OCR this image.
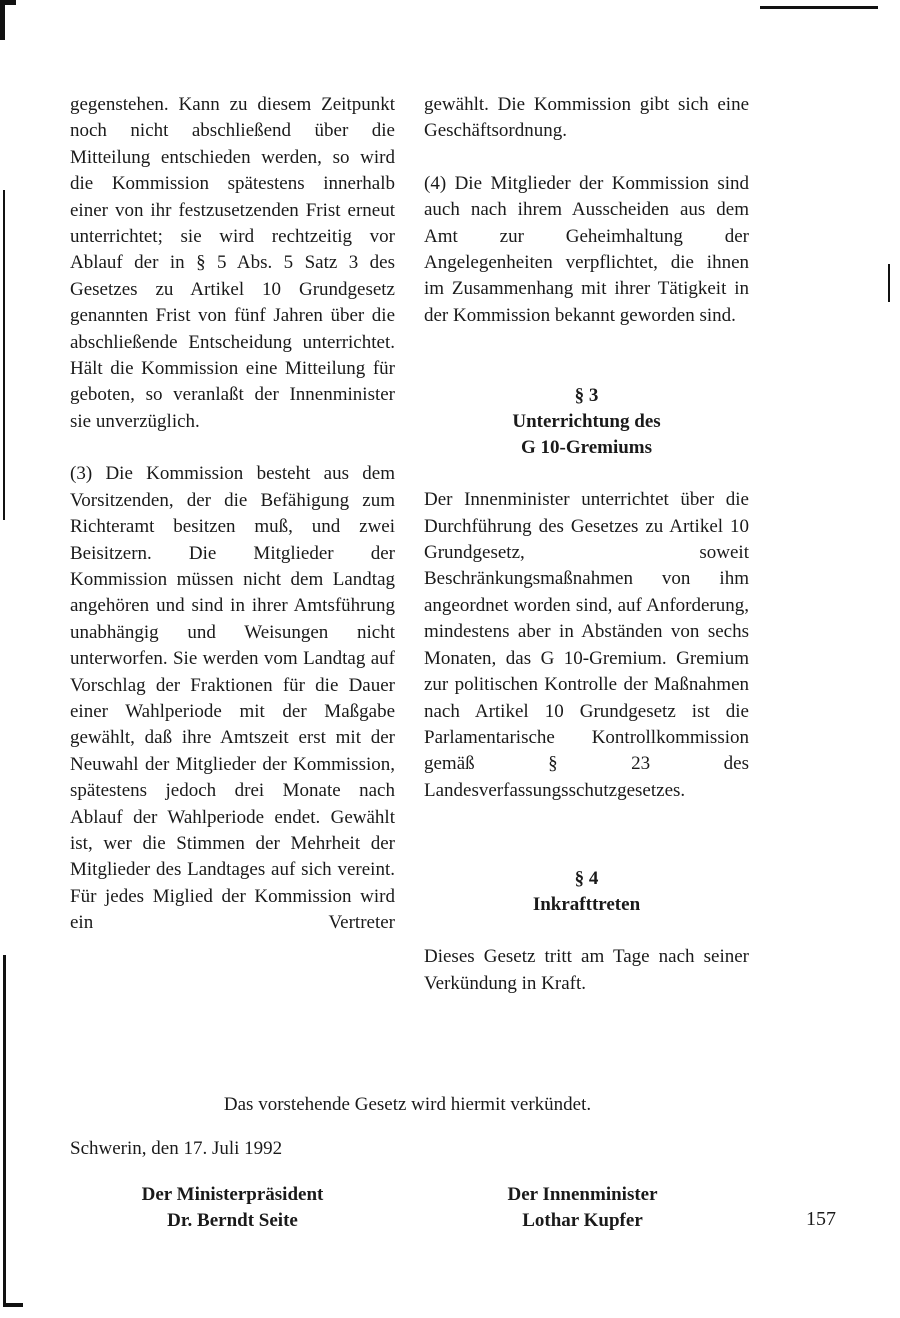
gegenstehen. Kann zu diesem Zeitpunkt noch nicht abschließend über die Mitteilung entschieden werden, so wird die Kommission spätestens innerhalb einer von ihr festzusetzenden Frist erneut unterrichtet; sie wird rechtzeitig vor Ablauf der in § 5 Abs. 5 Satz 3 des Gesetzes zu Artikel 10 Grundgesetz genannten Frist von fünf Jahren über die abschließende Entscheidung unterrichtet. Hält die Kommission eine Mitteilung für geboten, so veranlaßt der Innenminister sie unverzüglich.

(3) Die Kommission besteht aus dem Vorsitzenden, der die Befähigung zum Richteramt besitzen muß, und zwei Beisitzern. Die Mitglieder der Kommission müssen nicht dem Landtag angehören und sind in ihrer Amtsführung unabhängig und Weisungen nicht unterworfen. Sie werden vom Landtag auf Vorschlag der Fraktionen für die Dauer einer Wahlperiode mit der Maßgabe gewählt, daß ihre Amtszeit erst mit der Neuwahl der Mitglieder der Kommission, spätestens jedoch drei Monate nach Ablauf der Wahlperiode endet. Gewählt ist, wer die Stimmen der Mehrheit der Mitglieder des Landtages auf sich vereint. Für jedes Miglied der Kommission wird ein Vertreter

gewählt. Die Kommission gibt sich eine Geschäftsordnung.

(4) Die Mitglieder der Kommission sind auch nach ihrem Ausscheiden aus dem Amt zur Geheimhaltung der Angelegenheiten verpflichtet, die ihnen im Zusammenhang mit ihrer Tätigkeit in der Kommission bekannt geworden sind.

§ 3
Unterrichtung des
G 10-Gremiums

Der Innenminister unterrichtet über die Durchführung des Gesetzes zu Artikel 10 Grundgesetz, soweit Beschränkungsmaßnahmen von ihm angeordnet worden sind, auf Anforderung, mindestens aber in Abständen von sechs Monaten, das G 10-Gremium. Gremium zur politischen Kontrolle der Maßnahmen nach Artikel 10 Grundgesetz ist die Parlamentarische Kontrollkommission gemäß § 23 des Landesverfassungsschutzgesetzes.

§ 4
Inkrafttreten

Dieses Gesetz tritt am Tage nach seiner Verkündung in Kraft.

Das vorstehende Gesetz wird hiermit verkündet.
Schwerin, den 17. Juli 1992
Der Ministerpräsident
Dr. Berndt Seite
Der Innenminister
Lothar Kupfer	157
